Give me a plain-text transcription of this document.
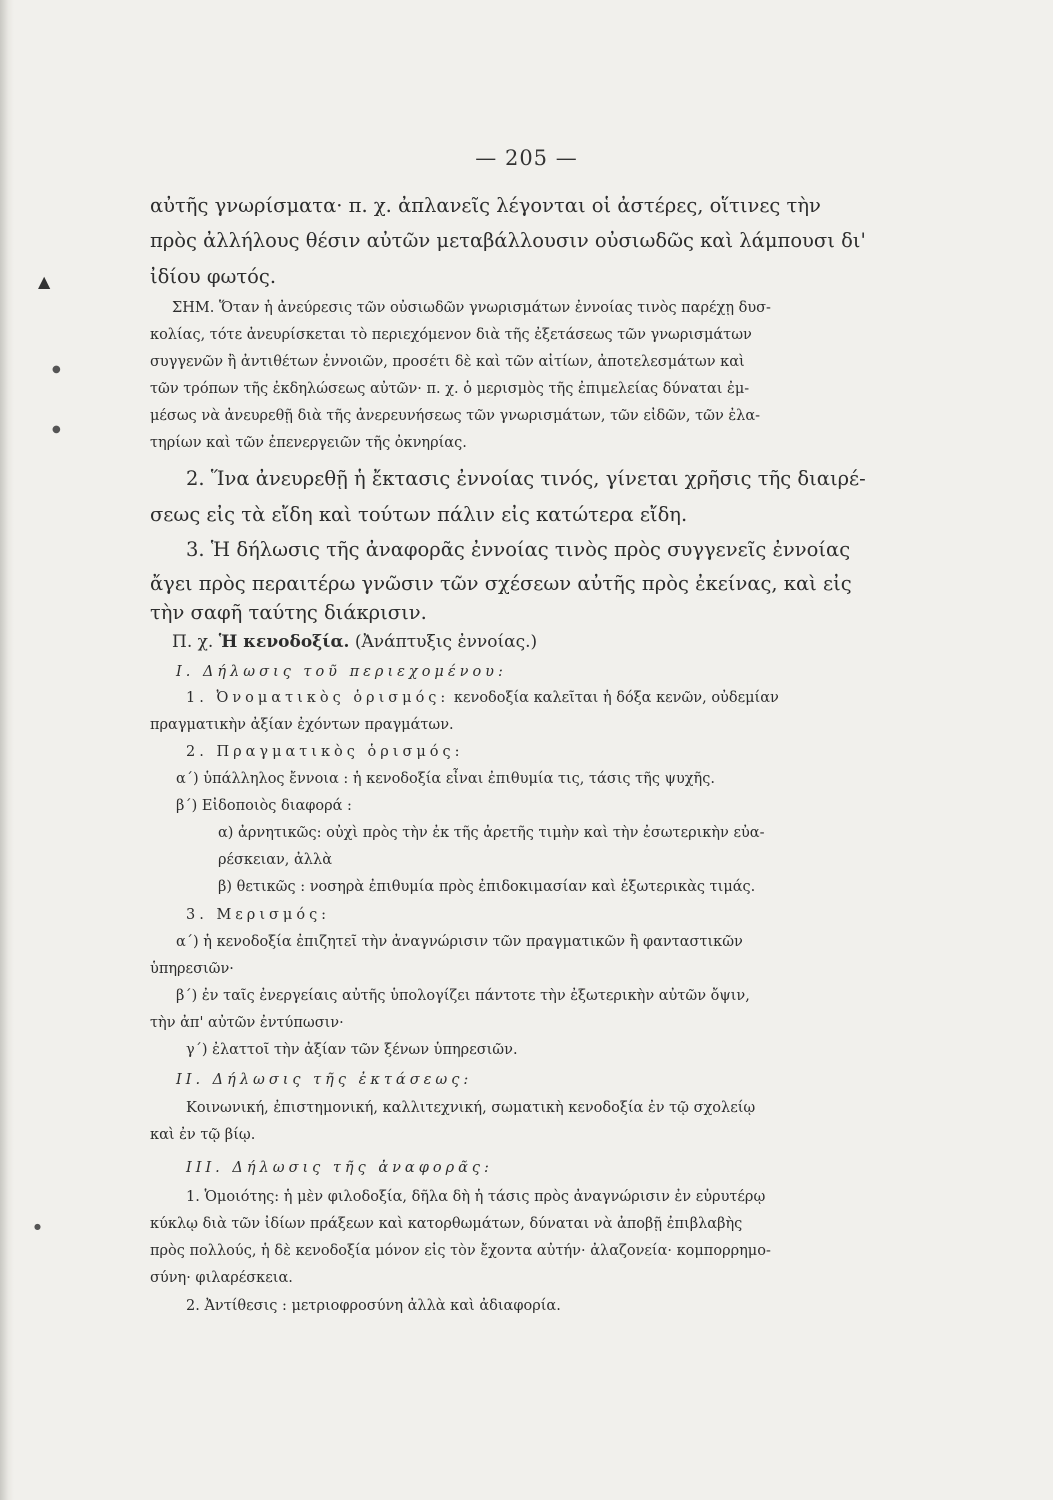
— 205 —
▲
●
●
●
αὐτῆς γνωρίσματα· π. χ. ἀπλανεῖς λέγονται οἱ ἀστέρες, οἵτινες τὴν
πρὸς ἀλλήλους θέσιν αὐτῶν μεταβάλλουσιν οὐσιωδῶς καὶ λάμπουσι δι'
ἰδίου φωτός.
ΣΗΜ. Ὅταν ἡ ἀνεύρεσις τῶν οὐσιωδῶν γνωρισμάτων ἐννοίας τινὸς παρέχῃ δυσ-
κολίας, τότε ἀνευρίσκεται τὸ περιεχόμενον διὰ τῆς ἐξετάσεως τῶν γνωρισμάτων
συγγενῶν ἢ ἀντιθέτων ἐννοιῶν, προσέτι δὲ καὶ τῶν αἰτίων, ἀποτελεσμάτων καὶ
τῶν τρόπων τῆς ἐκδηλώσεως αὐτῶν· π. χ. ὁ μερισμὸς τῆς ἐπιμελείας δύναται ἐμ-
μέσως νὰ ἀνευρεθῇ διὰ τῆς ἀνερευνήσεως τῶν γνωρισμάτων, τῶν εἰδῶν, τῶν ἐλα-
τηρίων καὶ τῶν ἐπενεργειῶν τῆς ὀκνηρίας.
2. Ἵνα ἀνευρεθῇ ἡ ἔκτασις ἐννοίας τινός, γίνεται χρῆσις τῆς διαιρέ-
σεως εἰς τὰ εἴδη καὶ τούτων πάλιν εἰς κατώτερα εἴδη.
3. Ἡ δήλωσις τῆς ἀναφορᾶς ἐννοίας τινὸς πρὸς συγγενεῖς ἐννοίας
ἄγει πρὸς περαιτέρω γνῶσιν τῶν σχέσεων αὐτῆς πρὸς ἐκείνας, καὶ εἰς
τὴν σαφῆ ταύτης διάκρισιν.
Π. χ. Ἡ κενοδοξία. (Ἀνάπτυξις ἐννοίας.)
Ι. Δήλωσις τοῦ περιεχομένου:
1. Ὀνοματικὸς ὁρισμός: κενοδοξία καλεῖται ἡ δόξα κενῶν, οὐδεμίαν
πραγματικὴν ἀξίαν ἐχόντων πραγμάτων.
2. Πραγματικὸς ὁρισμός:
α΄) ὑπάλληλος ἔννοια : ἡ κενοδοξία εἶναι ἐπιθυμία τις, τάσις τῆς ψυχῆς.
β΄) Εἰδοποιὸς διαφορά :
α) ἀρνητικῶς: οὐχὶ πρὸς τὴν ἐκ τῆς ἀρετῆς τιμὴν καὶ τὴν ἐσωτερικὴν εὐα-
ρέσκειαν, ἀλλὰ
β) θετικῶς : νοσηρὰ ἐπιθυμία πρὸς ἐπιδοκιμασίαν καὶ ἐξωτερικὰς τιμάς.
3. Μερισμός:
α΄) ἡ κενοδοξία ἐπιζητεῖ τὴν ἀναγνώρισιν τῶν πραγματικῶν ἢ φανταστικῶν
ὑπηρεσιῶν·
β΄) ἐν ταῖς ἐνεργείαις αὐτῆς ὑπολογίζει πάντοτε τὴν ἐξωτερικὴν αὐτῶν ὄψιν,
τὴν ἀπ' αὐτῶν ἐντύπωσιν·
γ΄) ἐλαττοῖ τὴν ἀξίαν τῶν ξένων ὑπηρεσιῶν.
ΙΙ. Δήλωσις τῆς ἐκτάσεως:
Κοινωνική, ἐπιστημονική, καλλιτεχνική, σωματικὴ κενοδοξία ἐν τῷ σχολείῳ
καὶ ἐν τῷ βίῳ.
ΙΙΙ. Δήλωσις τῆς ἀναφορᾶς:
1. Ὁμοιότης: ἡ μὲν φιλοδοξία, δῆλα δὴ ἡ τάσις πρὸς ἀναγνώρισιν ἐν εὐρυτέρῳ
κύκλῳ διὰ τῶν ἰδίων πράξεων καὶ κατορθωμάτων, δύναται νὰ ἀποβῇ ἐπιβλαβὴς
πρὸς πολλούς, ἡ δὲ κενοδοξία μόνον εἰς τὸν ἔχοντα αὐτήν· ἀλαζονεία· κομπορρημο-
σύνη· φιλαρέσκεια.
2. Ἀντίθεσις : μετριοφροσύνη ἀλλὰ καὶ ἀδιαφορία.
